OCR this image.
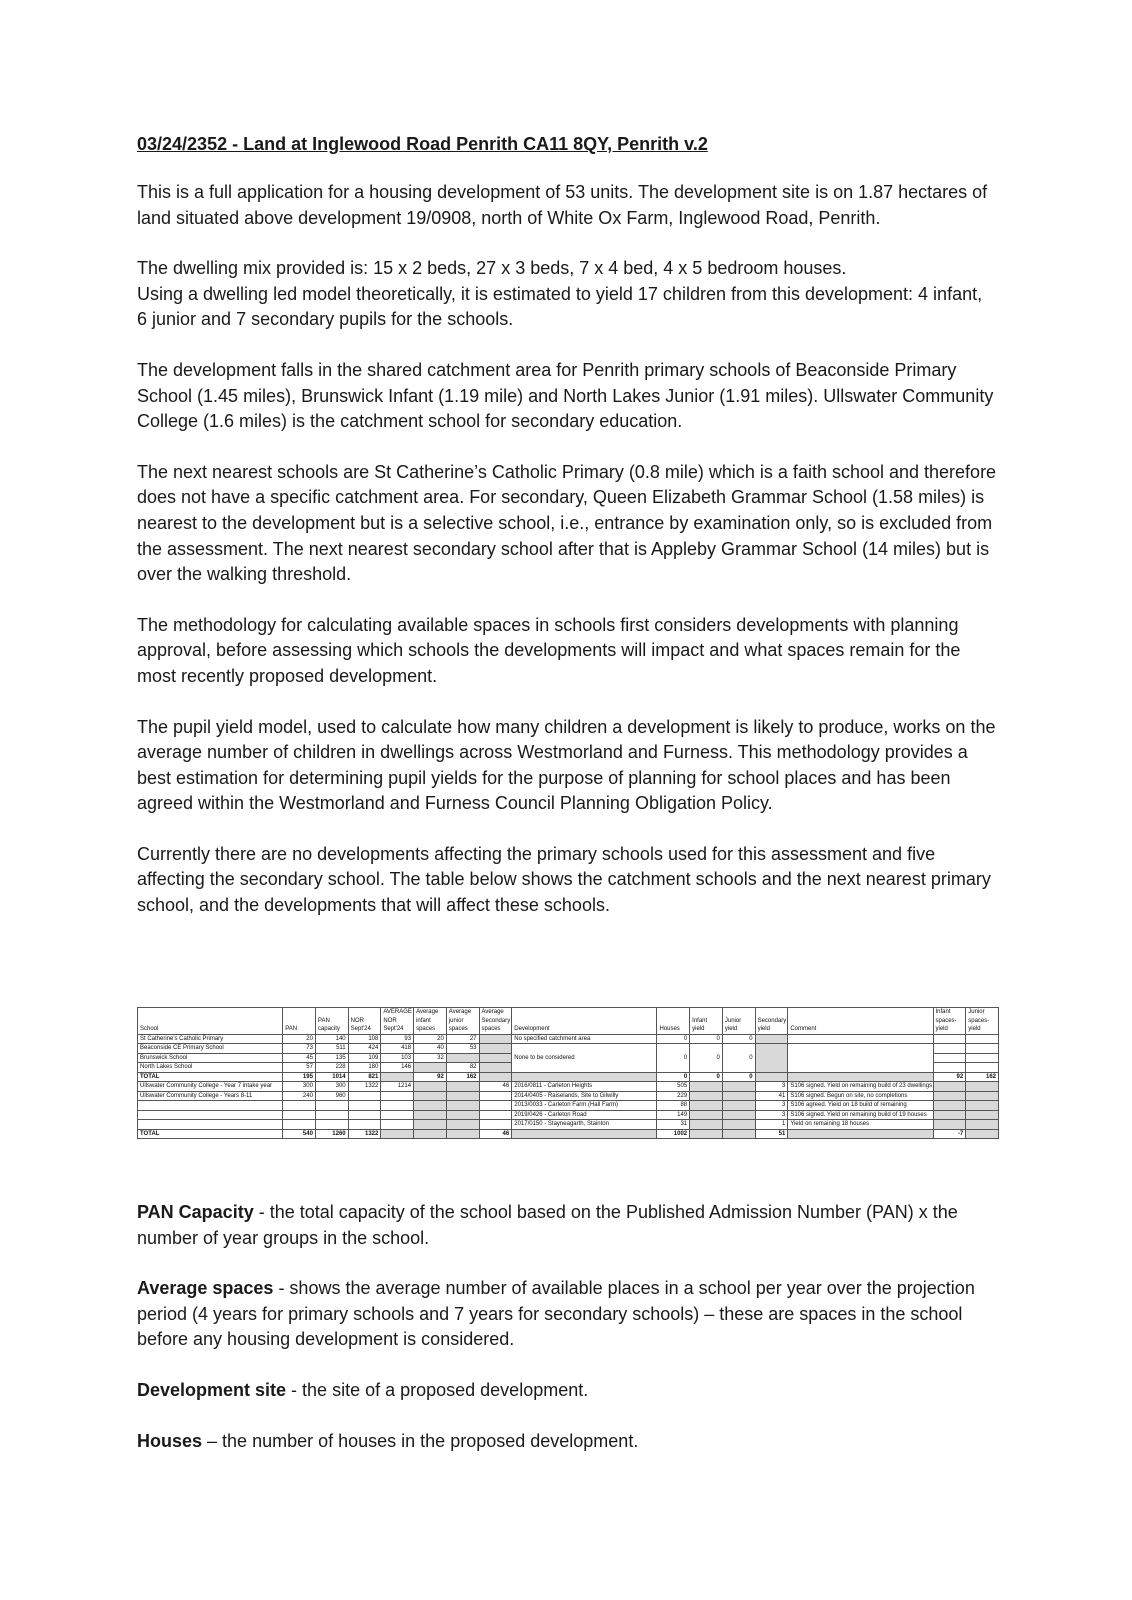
03/24/2352 - Land at Inglewood Road Penrith CA11 8QY, Penrith v.2

This is a full application for a housing development of 53 units. The development site is on 1.87 hectares of land situated above development 19/0908, north of White Ox Farm, Inglewood Road, Penrith.

The dwelling mix provided is: 15 x 2 beds, 27 x 3 beds, 7 x 4 bed, 4 x 5 bedroom houses.
Using a dwelling led model theoretically, it is estimated to yield 17 children from this development: 4 infant, 6 junior and 7 secondary pupils for the schools.

The development falls in the shared catchment area for Penrith primary schools of Beaconside Primary School (1.45 miles), Brunswick Infant (1.19 mile) and North Lakes Junior (1.91 miles). Ullswater Community College (1.6 miles) is the catchment school for secondary education.

The next nearest schools are St Catherine’s Catholic Primary (0.8 mile) which is a faith school and therefore does not have a specific catchment area. For secondary, Queen Elizabeth Grammar School (1.58 miles) is nearest to the development but is a selective school, i.e., entrance by examination only, so is excluded from the assessment. The next nearest secondary school after that is Appleby Grammar School (14 miles) but is over the walking threshold.

The methodology for calculating available spaces in schools first considers developments with planning approval, before assessing which schools the developments will impact and what spaces remain for the most recently proposed development.

The pupil yield model, used to calculate how many children a development is likely to produce, works on the average number of children in dwellings across Westmorland and Furness. This methodology provides a best estimation for determining pupil yields for the purpose of planning for school places and has been agreed within the Westmorland and Furness Council Planning Obligation Policy.

Currently there are no developments affecting the primary schools used for this assessment and five affecting the secondary school. The table below shows the catchment schools and the next nearest primary school, and the developments that will affect these schools.

School	PAN	PAN capacity	NOR Sept'24	AVERAGE NOR Sept'24	Average infant spaces	Average junior spaces	Average Secondary spaces	Development	Houses	Infant yield	Junior yield	Secondary yield	Comment	Infant spaces-yield	Junior spaces-yield
St Catherine's Catholic Primary	20	140	108	93	20	27		No specified catchment area	0	0	0				
Beaconside CE Primary School	73	511	424	418	40	53		None to be considered	0	0	0				
Brunswick School	45	135	109	103	32										
North Lakes School	57	228	180	146		82									
TOTAL	195	1014	821		92	162			0	0	0			92	162
Ullswater Community College - Year 7 intake year	300	300	1322	1214			46	2016/0811 - Carleton Heights	505			3	S106 signed. Yield on remaining build of 23 dwellings		
Ullswater Community College - Years 8-11	240	960						2014/0405 - Raiselands, Site to Gilwilly	229			41	S106 signed. Begun on site, no completions		
								2013/0033 - Carleton Farm (Hall Farm)	88			3	S106 agreed. Yield on 18 build of remaining		
								2019/0426 - Carleton Road	149			3	S106 signed. Yield on remaining build of 19 houses		
								2017/0150 - Stayneagarth, Stainton	31			1	Yield on remaining 18 houses		
TOTAL	540	1260	1322				46		1002			51		-7	

PAN Capacity - the total capacity of the school based on the Published Admission Number (PAN) x the number of year groups in the school.

Average spaces - shows the average number of available places in a school per year over the projection period (4 years for primary schools and 7 years for secondary schools) – these are spaces in the school before any housing development is considered.

Development site - the site of a proposed development.

Houses – the number of houses in the proposed development.
